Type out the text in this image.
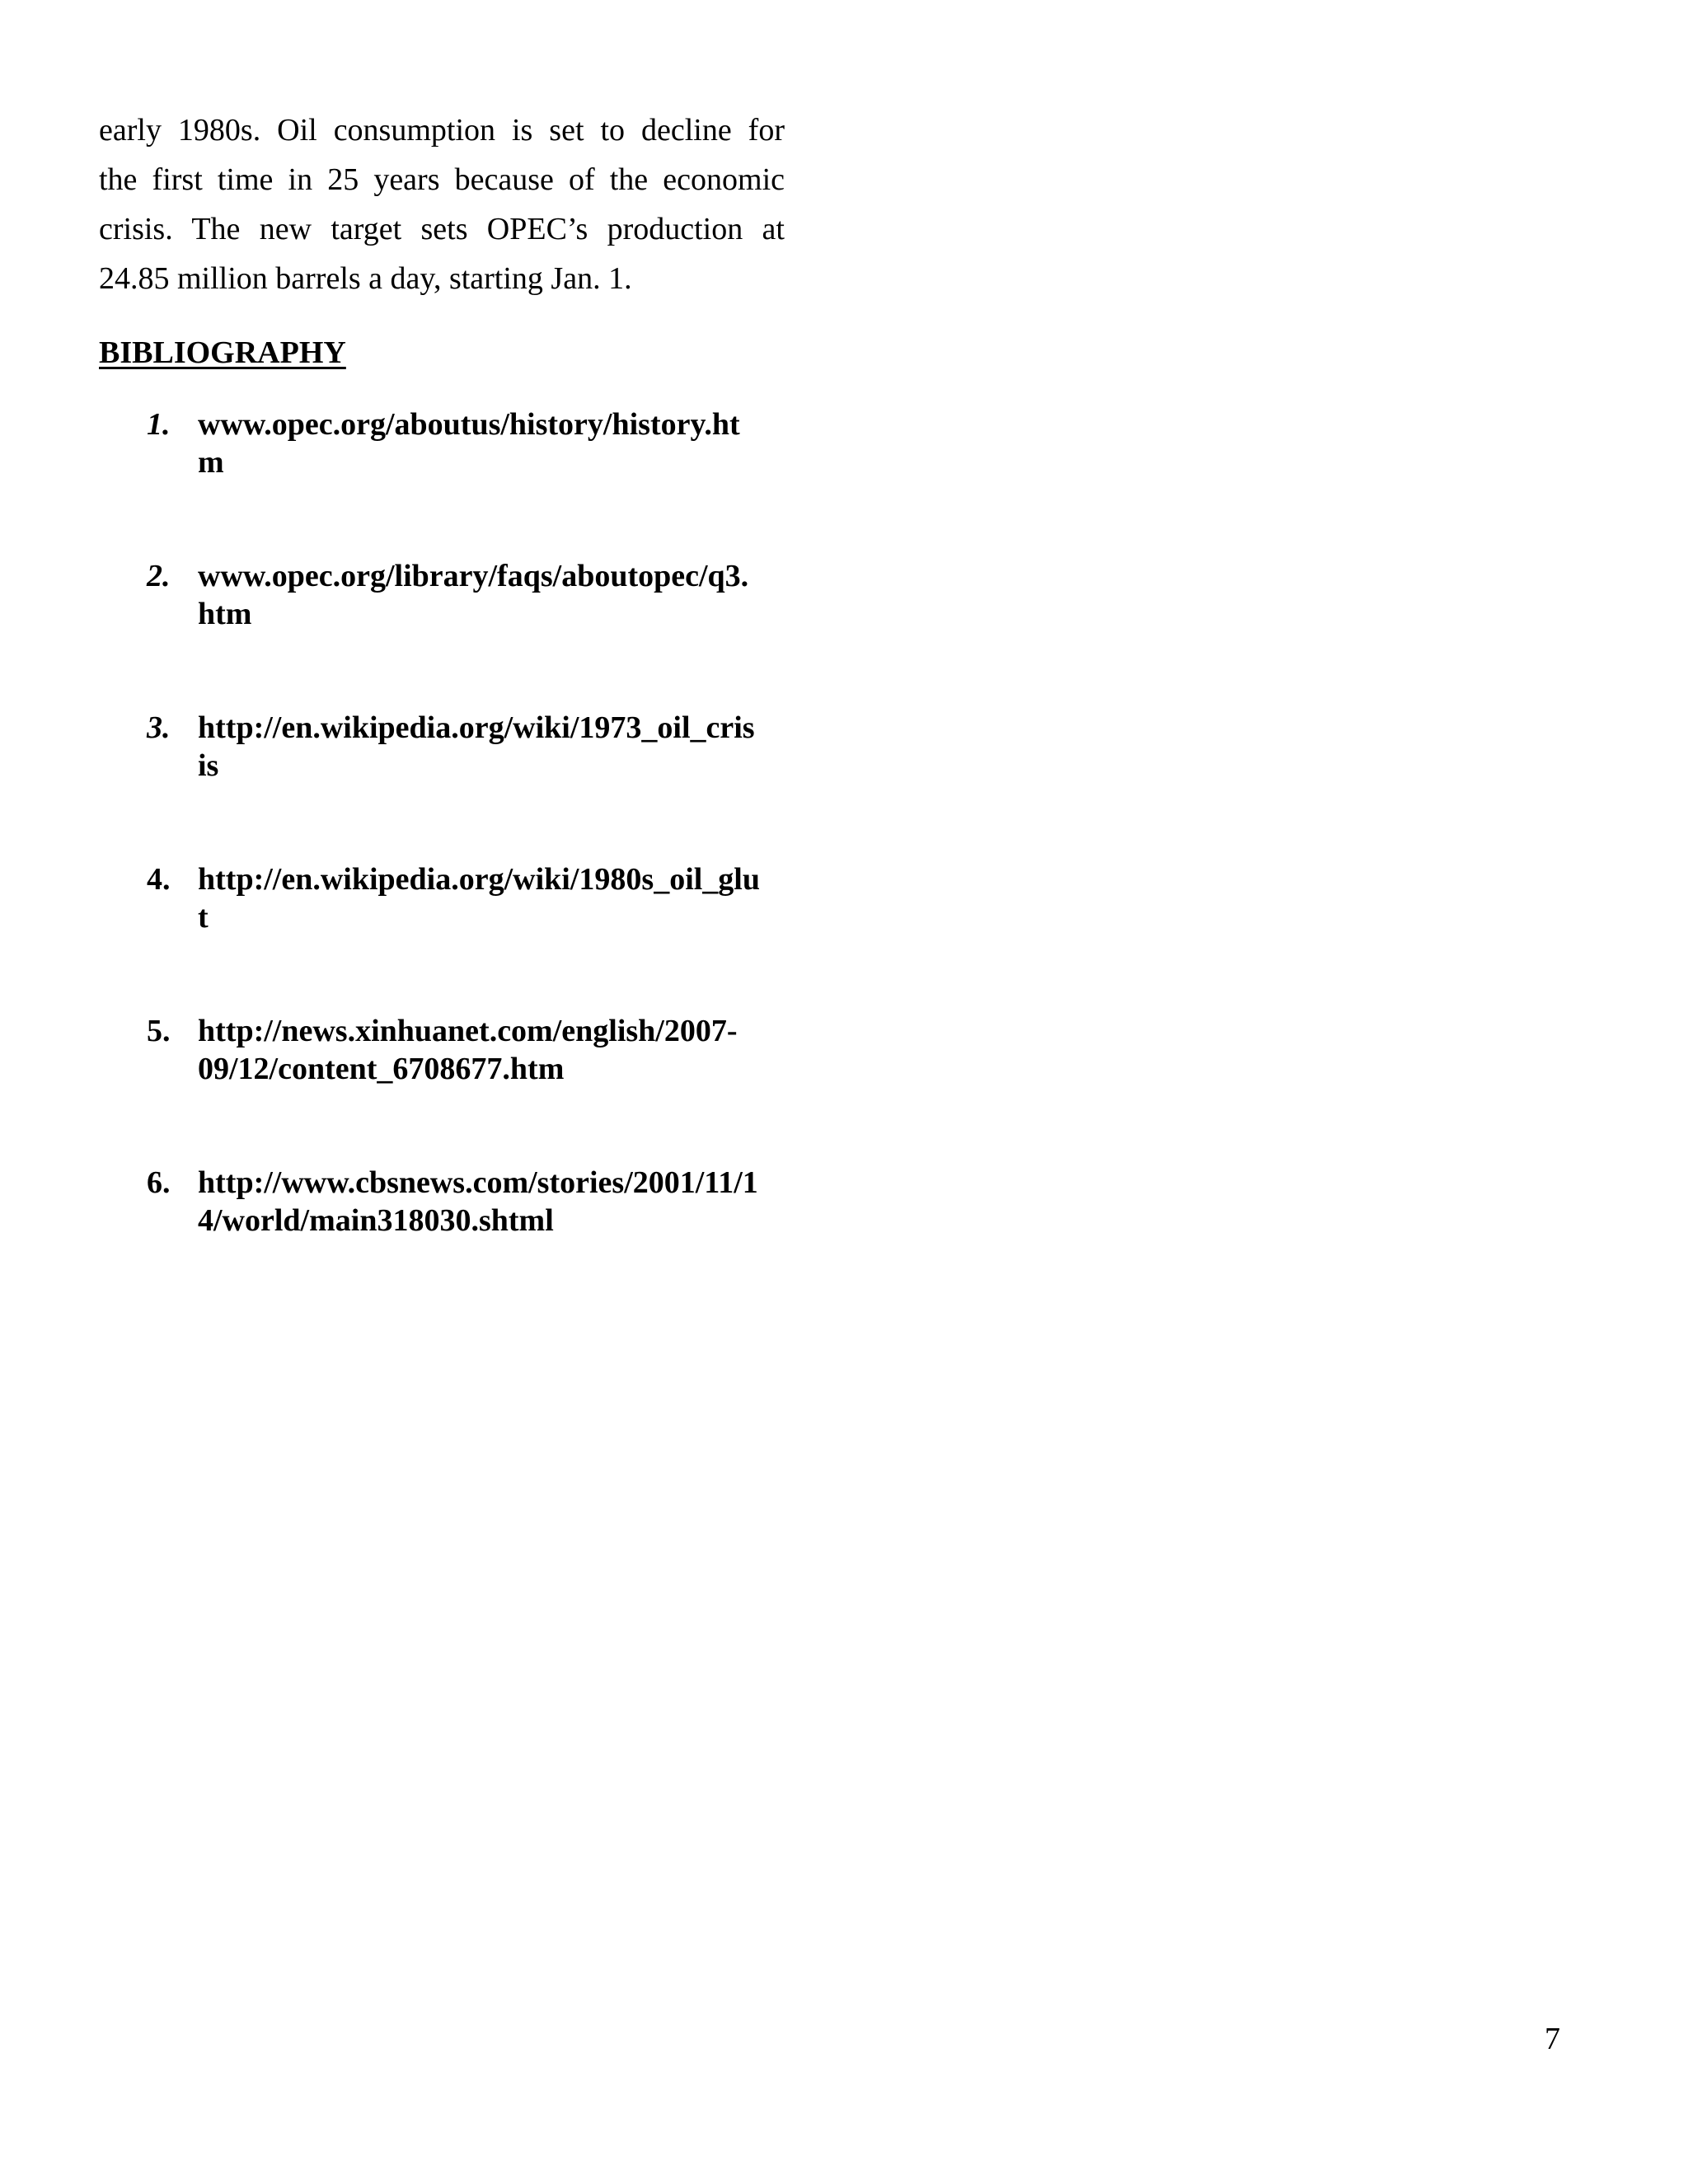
early 1980s. Oil consumption is set to decline for
the first time in 25 years because of the economic
crisis. The new target sets OPEC’s production at
24.85 million barrels a day, starting Jan. 1.

BIBLIOGRAPHY
1. www.opec.org/aboutus/history/history.ht
m
2. www.opec.org/library/faqs/aboutopec/q3.
htm
3. http://en.wikipedia.org/wiki/1973_oil_cris
is
4. http://en.wikipedia.org/wiki/1980s_oil_glu
t
5. http://news.xinhuanet.com/english/2007-
09/12/content_6708677.htm
6. http://www.cbsnews.com/stories/2001/11/1
4/world/main318030.shtml
7
